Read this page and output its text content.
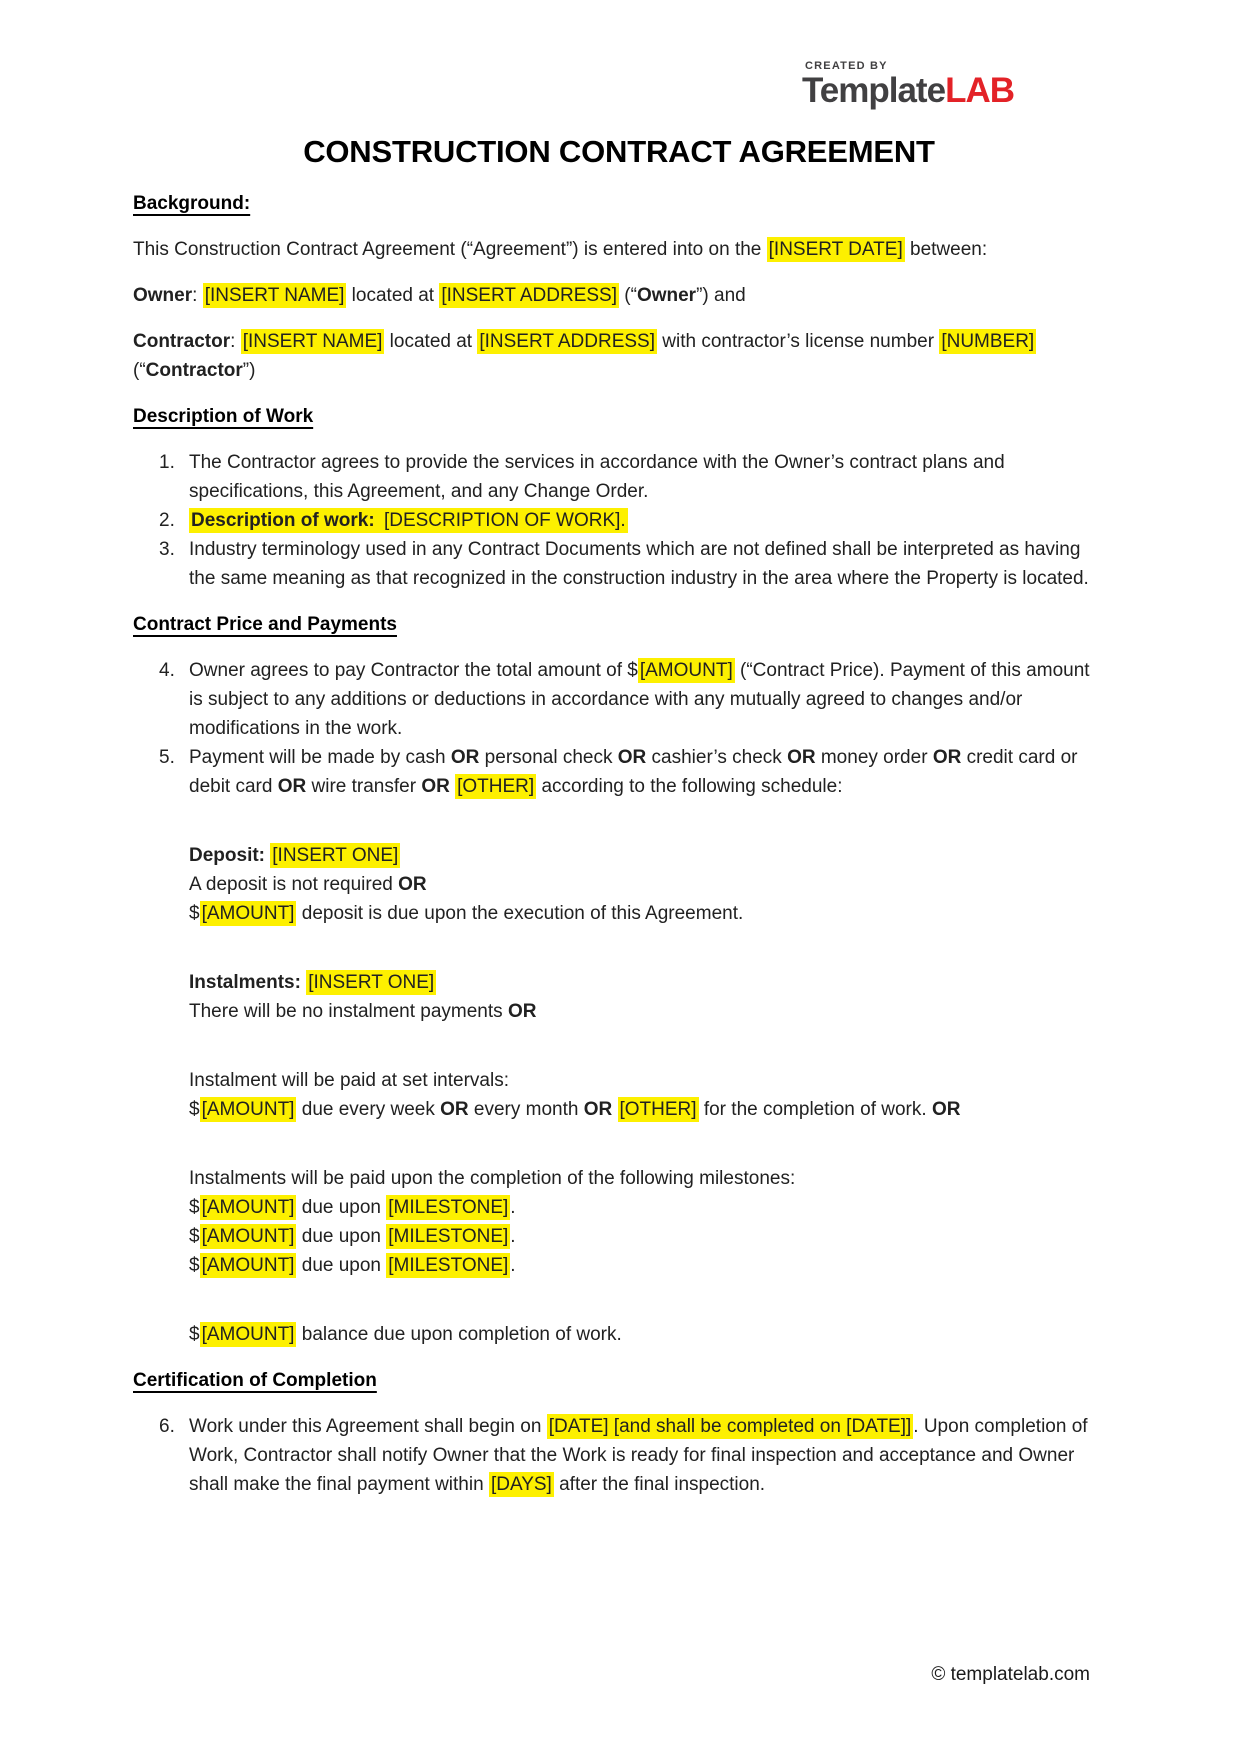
CREATED BY
TemplateLAB
CONSTRUCTION CONTRACT AGREEMENT
Background:
This Construction Contract Agreement (“Agreement”) is entered into on the [INSERT DATE] between:
Owner: [INSERT NAME] located at [INSERT ADDRESS] (“Owner”) and
Contractor: [INSERT NAME] located at [INSERT ADDRESS] with contractor’s license number [NUMBER] (“Contractor”)
Description of Work
1. The Contractor agrees to provide the services in accordance with the Owner’s contract plans and specifications, this Agreement, and any Change Order.
2. Description of work: [DESCRIPTION OF WORK].
3. Industry terminology used in any Contract Documents which are not defined shall be interpreted as having the same meaning as that recognized in the construction industry in the area where the Property is located.
Contract Price and Payments
4. Owner agrees to pay Contractor the total amount of $ [AMOUNT] (“Contract Price). Payment of this amount is subject to any additions or deductions in accordance with any mutually agreed to changes and/or modifications in the work.
5. Payment will be made by cash OR personal check OR cashier’s check OR money order OR credit card or debit card OR wire transfer OR [OTHER] according to the following schedule:
Deposit: [INSERT ONE]
A deposit is not required OR
$ [AMOUNT] deposit is due upon the execution of this Agreement.
Instalments: [INSERT ONE]
There will be no instalment payments OR
Instalment will be paid at set intervals:
$ [AMOUNT] due every week OR every month OR [OTHER] for the completion of work. OR
Instalments will be paid upon the completion of the following milestones:
$ [AMOUNT] due upon [MILESTONE] .
$ [AMOUNT] due upon [MILESTONE] .
$ [AMOUNT] due upon [MILESTONE] .
$ [AMOUNT] balance due upon completion of work.
Certification of Completion
6. Work under this Agreement shall begin on [DATE] [and shall be completed on [DATE]] . Upon completion of Work, Contractor shall notify Owner that the Work is ready for final inspection and acceptance and Owner shall make the final payment within [DAYS] after the final inspection.
© templatelab.com
